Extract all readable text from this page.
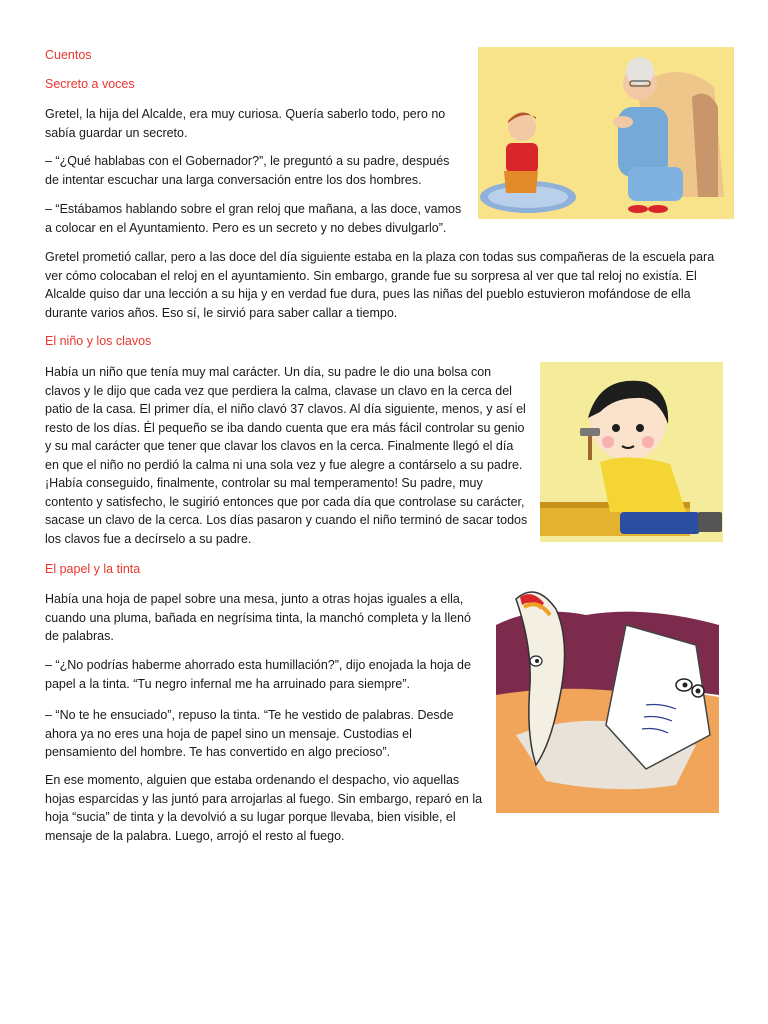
Cuentos
Secreto a voces

Gretel, la hija del Alcalde, era muy curiosa. Quería saberlo todo, pero no sabía guardar un secreto.

– “¿Qué hablabas con el Gobernador?”, le preguntó a su padre, después de intentar escuchar una larga conversación entre los dos hombres.

– “Estábamos hablando sobre el gran reloj que mañana, a las doce, vamos a colocar en el Ayuntamiento. Pero es un secreto y no debes divulgarlo”.

Gretel prometió callar, pero a las doce del día siguiente estaba en la plaza con todas sus compañeras de la escuela para ver cómo colocaban el reloj en el ayuntamiento. Sin embargo, grande fue su sorpresa al ver que tal reloj no existía. El Alcalde quiso dar una lección a su hija y en verdad fue dura, pues las niñas del pueblo estuvieron mofándose de ella durante varios años. Eso sí, le sirvió para saber callar a tiempo.

El niño y los clavos

Había un niño que tenía muy mal carácter. Un día, su padre le dio una bolsa con clavos y le dijo que cada vez que perdiera la calma, clavase un clavo en la cerca del patio de la casa. El primer día, el niño clavó 37 clavos. Al día siguiente, menos, y así el resto de los días. Él pequeño se iba dando cuenta que era más fácil controlar su genio y su mal carácter que tener que clavar los clavos en la cerca. Finalmente llegó el día en que el niño no perdió la calma ni una sola vez y fue alegre a contárselo a su padre. ¡Había conseguido, finalmente, controlar su mal temperamento! Su padre, muy contento y satisfecho, le sugirió entonces que por cada día que controlase su carácter, sacase un clavo de la cerca. Los días pasaron y cuando el niño terminó de sacar todos los clavos fue a decírselo a su padre.

El papel y la tinta

Había una hoja de papel sobre una mesa, junto a otras hojas iguales a ella, cuando una pluma, bañada en negrísima tinta, la manchó completa y la llenó de palabras.

– “¿No podrías haberme ahorrado esta humillación?”, dijo enojada la hoja de papel a la tinta. “Tu negro infernal me ha arruinado para siempre”.

– “No te he ensuciado”, repuso la tinta. “Te he vestido de palabras. Desde ahora ya no eres una hoja de papel sino un mensaje. Custodias el pensamiento del hombre. Te has convertido en algo precioso”.

En ese momento, alguien que estaba ordenando el despacho, vio aquellas hojas esparcidas y las juntó para arrojarlas al fuego. Sin embargo, reparó en la hoja “sucia” de tinta y la devolvió a su lugar porque llevaba, bien visible, el mensaje de la palabra. Luego, arrojó el resto al fuego.
